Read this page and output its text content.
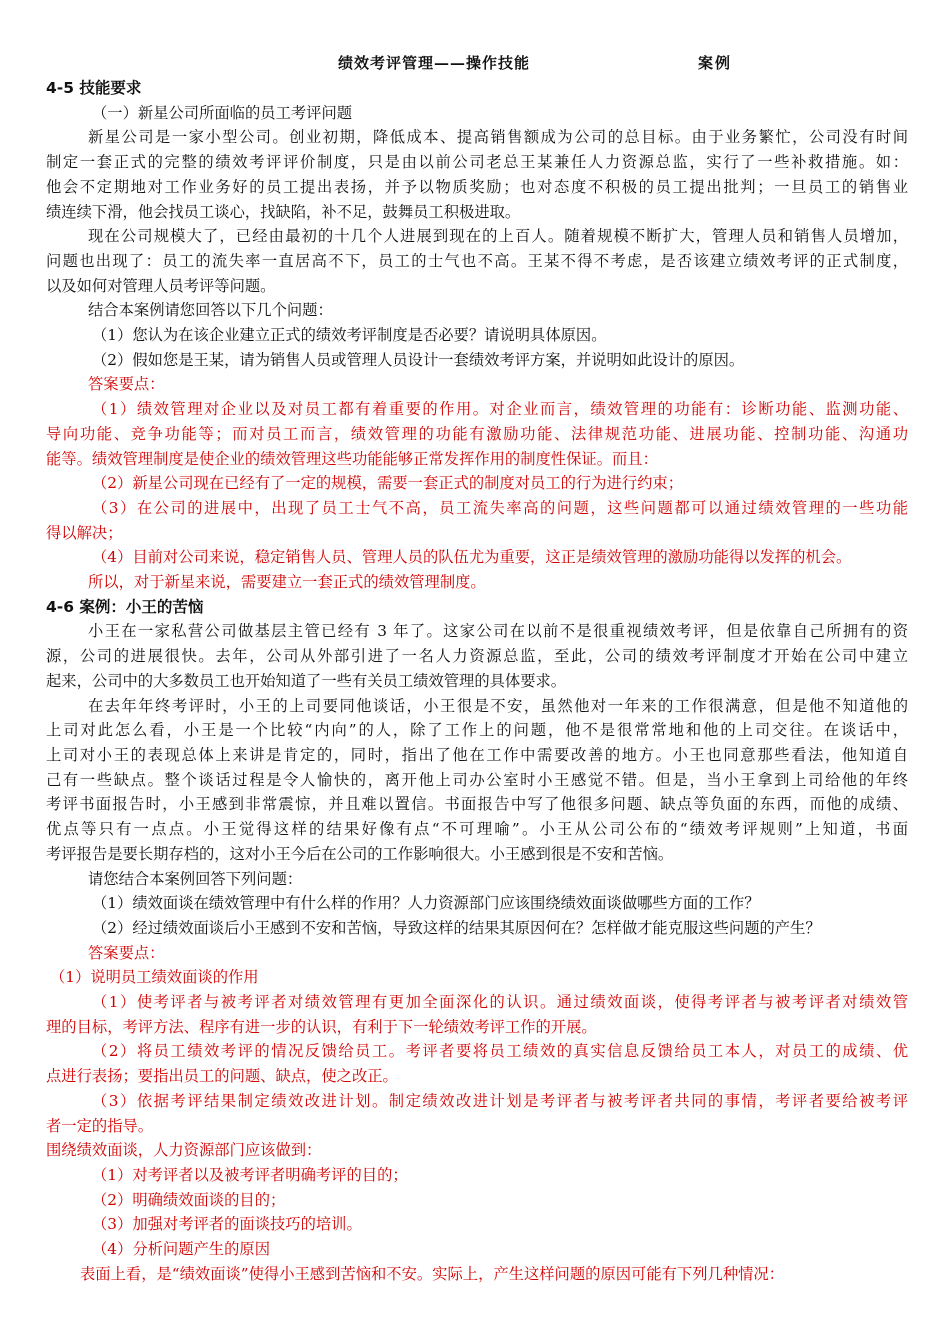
绩效考评管理——操作技能	案例

4-5 技能要求

（一）新星公司所面临的员工考评问题

新星公司是一家小型公司。创业初期，降低成本、提高销售额成为公司的总目标。由于业务繁忙，公司没有时间

制定一套正式的完整的绩效考评评价制度，只是由以前公司老总王某兼任人力资源总监，实行了一些补救措施。如：

他会不定期地对工作业务好的员工提出表扬，并予以物质奖励；也对态度不积极的员工提出批判；一旦员工的销售业

绩连续下滑，他会找员工谈心，找缺陷，补不足，鼓舞员工积极进取。

现在公司规模大了，已经由最初的十几个人进展到现在的上百人。随着规模不断扩大，管理人员和销售人员增加，

问题也出现了：员工的流失率一直居高不下，员工的士气也不高。王某不得不考虑，是否该建立绩效考评的正式制度，

以及如何对管理人员考评等问题。

结合本案例请您回答以下几个问题：

（1）您认为在该企业建立正式的绩效考评制度是否必要？请说明具体原因。

（2）假如您是王某，请为销售人员或管理人员设计一套绩效考评方案，并说明如此设计的原因。

答案要点：

（1）绩效管理对企业以及对员工都有着重要的作用。对企业而言，绩效管理的功能有：诊断功能、监测功能、

导向功能、竞争功能等；而对员工而言，绩效管理的功能有激励功能、法律规范功能、进展功能、控制功能、沟通功

能等。绩效管理制度是使企业的绩效管理这些功能能够正常发挥作用的制度性保证。而且：

（2）新星公司现在已经有了一定的规模，需要一套正式的制度对员工的行为进行约束；

（3）在公司的进展中，出现了员工士气不高，员工流失率高的问题，这些问题都可以通过绩效管理的一些功能

得以解决；

（4）目前对公司来说，稳定销售人员、管理人员的队伍尤为重要，这正是绩效管理的激励功能得以发挥的机会。

所以，对于新星来说，需要建立一套正式的绩效管理制度。

4-6 案例：小王的苦恼

小王在一家私营公司做基层主管已经有 3 年了。这家公司在以前不是很重视绩效考评，但是依靠自己所拥有的资

源，公司的进展很快。去年，公司从外部引进了一名人力资源总监，至此，公司的绩效考评制度才开始在公司中建立

起来，公司中的大多数员工也开始知道了一些有关员工绩效管理的具体要求。

在去年年终考评时，小王的上司要同他谈话，小王很是不安，虽然他对一年来的工作很满意，但是他不知道他的

上司对此怎么看，小王是一个比较“内向”的人，除了工作上的问题，他不是很常常地和他的上司交往。在谈话中，

上司对小王的表现总体上来讲是肯定的，同时，指出了他在工作中需要改善的地方。小王也同意那些看法，他知道自

己有一些缺点。整个谈话过程是令人愉快的，离开他上司办公室时小王感觉不错。但是，当小王拿到上司给他的年终

考评书面报告时，小王感到非常震惊，并且难以置信。书面报告中写了他很多问题、缺点等负面的东西，而他的成绩、

优点等只有一点点。小王觉得这样的结果好像有点“不可理喻”。小王从公司公布的“绩效考评规则”上知道，书面

考评报告是要长期存档的，这对小王今后在公司的工作影响很大。小王感到很是不安和苦恼。

请您结合本案例回答下列问题：

（1）绩效面谈在绩效管理中有什么样的作用？人力资源部门应该围绕绩效面谈做哪些方面的工作？

（2）经过绩效面谈后小王感到不安和苦恼，导致这样的结果其原因何在？怎样做才能克服这些问题的产生？

答案要点：

（1）说明员工绩效面谈的作用

（1）使考评者与被考评者对绩效管理有更加全面深化的认识。通过绩效面谈，使得考评者与被考评者对绩效管

理的目标，考评方法、程序有进一步的认识，有利于下一轮绩效考评工作的开展。

（2）将员工绩效考评的情况反馈给员工。考评者要将员工绩效的真实信息反馈给员工本人，对员工的成绩、优

点进行表扬；要指出员工的问题、缺点，使之改正。

（3）依据考评结果制定绩效改进计划。制定绩效改进计划是考评者与被考评者共同的事情，考评者要给被考评

者一定的指导。

围绕绩效面谈，人力资源部门应该做到：

（1）对考评者以及被考评者明确考评的目的；

（2）明确绩效面谈的目的；

（3）加强对考评者的面谈技巧的培训。

（4）分析问题产生的原因

表面上看，是“绩效面谈”使得小王感到苦恼和不安。实际上，产生这样问题的原因可能有下列几种情况：
